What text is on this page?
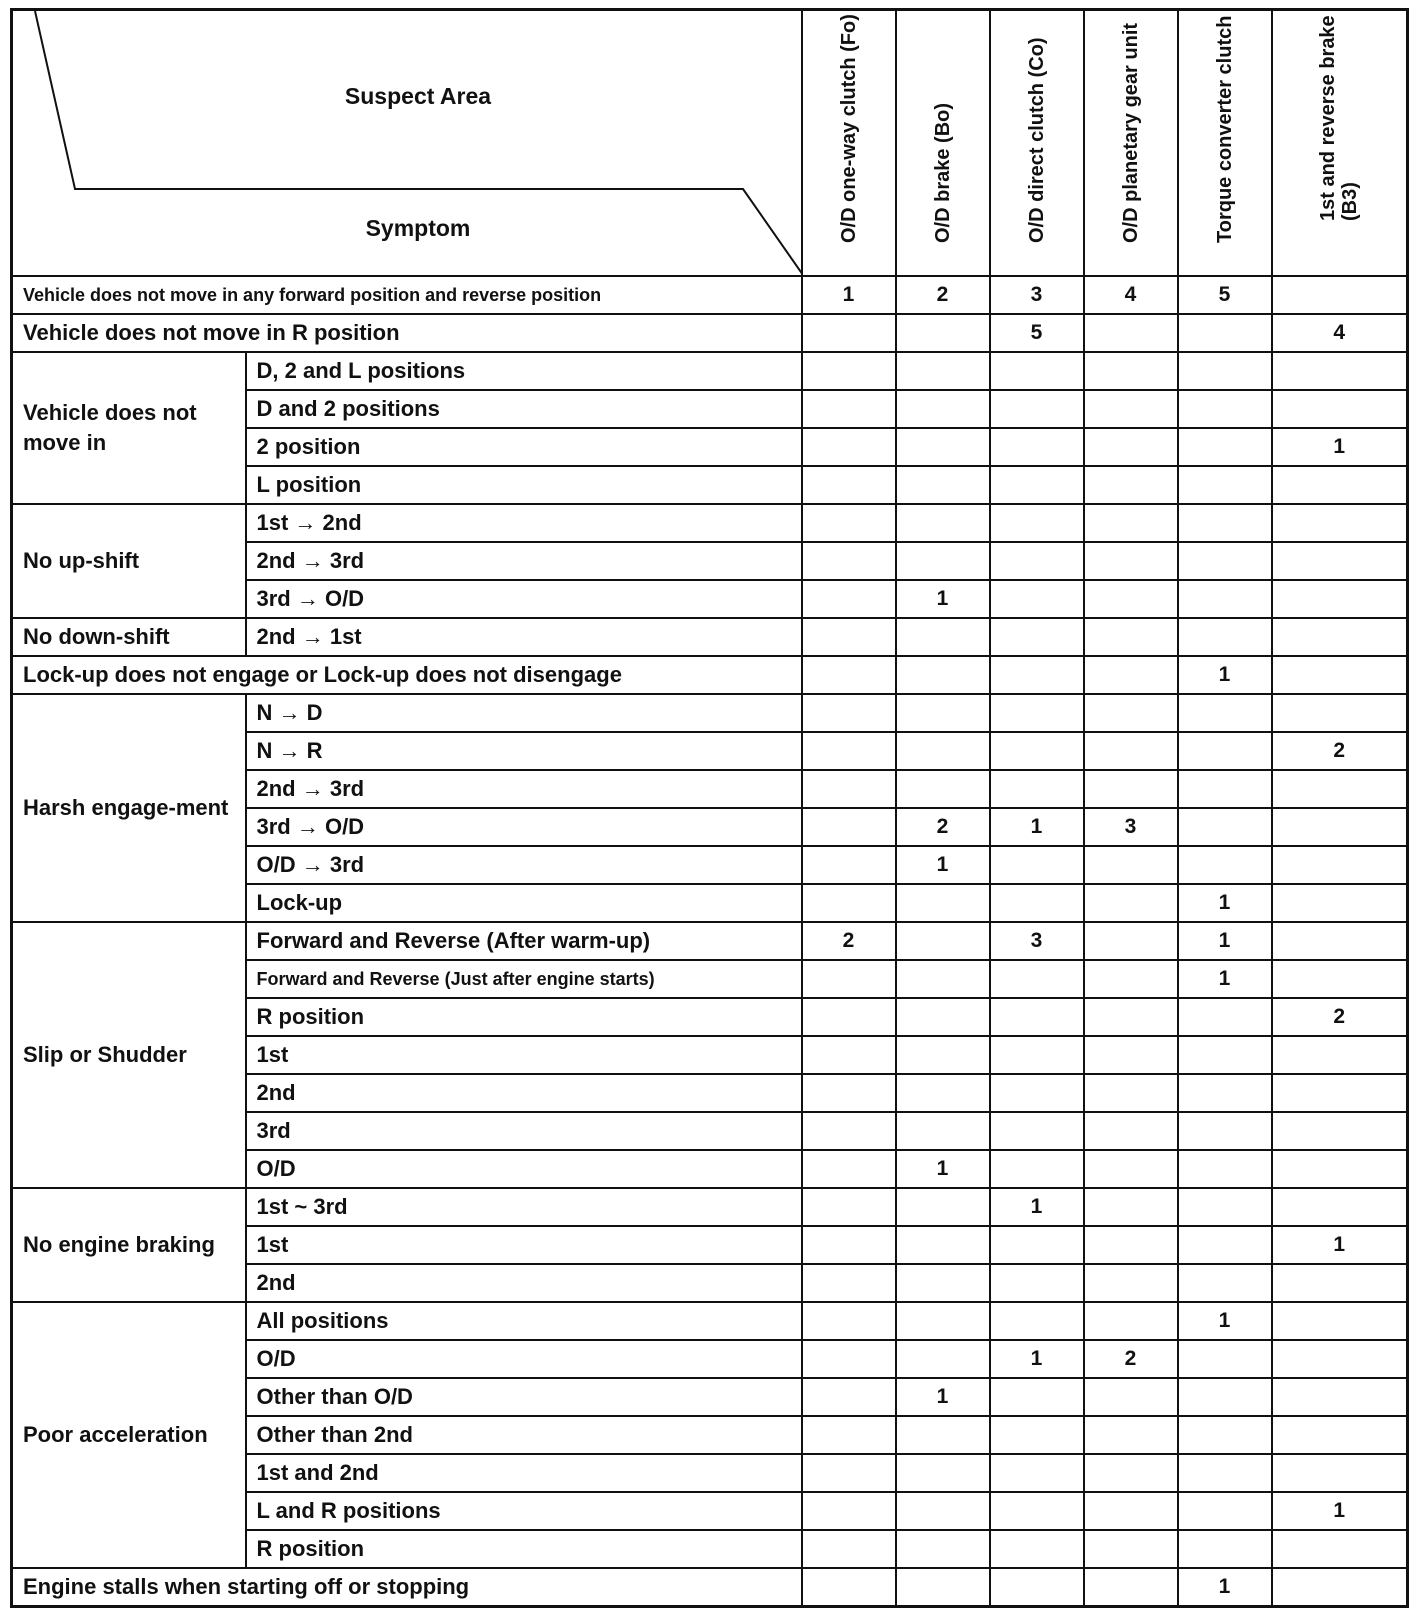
Suspect Area
Symptom		O/D one-way clutch (Fo)	O/D brake (Bo)	O/D direct clutch (Co)	O/D planetary gear unit	Torque converter clutch	1st and reverse brake (B3)

Vehicle does not move in any forward position and reverse position		1	2	3	4	5	
Vehicle does not move in R position				5			4
Vehicle does not move in	D, 2 and L positions						
	D and 2 positions						
	2 position						1
	L position						
No up-shift	1st → 2nd						
	2nd → 3rd						
	3rd → O/D		1				
No down-shift	2nd → 1st						
Lock-up does not engage or Lock-up does not disengage						1	
Harsh engage-ment	N → D						
	N → R						2
	2nd → 3rd						
	3rd → O/D		2	1	3		
	O/D → 3rd		1				
	Lock-up					1	
Slip or Shudder	Forward and Reverse (After warm-up)	2		3		1	
	Forward and Reverse (Just after engine starts)					1	
	R position						2
	1st						
	2nd						
	3rd						
	O/D		1				
No engine braking	1st ~ 3rd			1			
	1st						1
	2nd						
Poor acceleration	All positions					1	
	O/D			1	2		
	Other than O/D		1				
	Other than 2nd						
	1st and 2nd						
	L and R positions						1
	R position						
Engine stalls when starting off or stopping						1	
